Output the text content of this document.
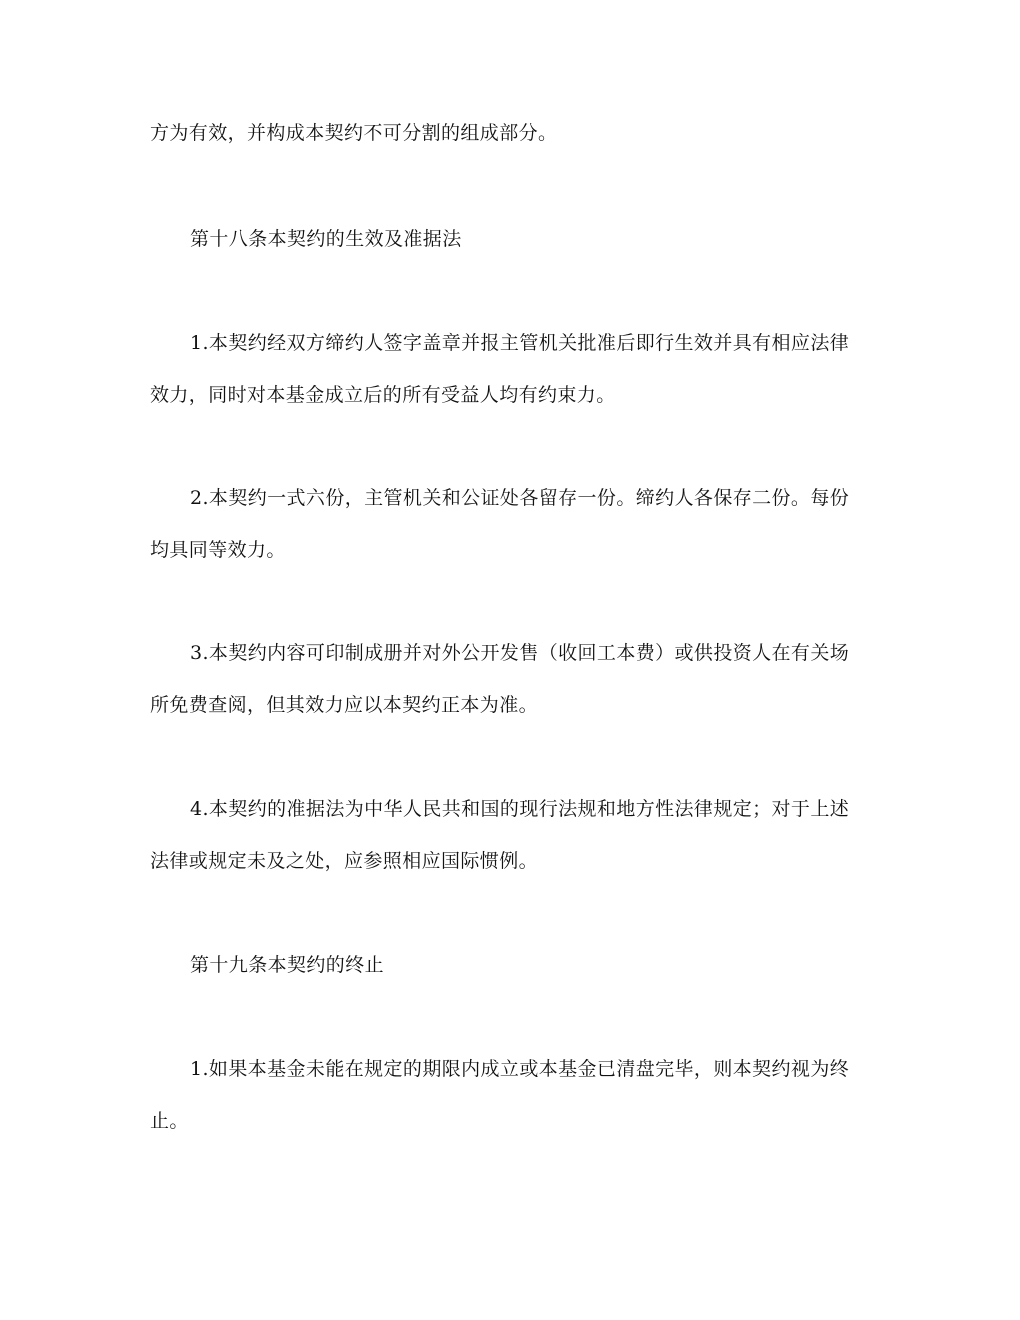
方为有效，并构成本契约不可分割的组成部分。
第十八条本契约的生效及准据法
1.本契约经双方缔约人签字盖章并报主管机关批准后即行生效并具有相应法律
效力，同时对本基金成立后的所有受益人均有约束力。
2.本契约一式六份，主管机关和公证处各留存一份。缔约人各保存二份。每份
均具同等效力。
3.本契约内容可印制成册并对外公开发售（收回工本费）或供投资人在有关场
所免费查阅，但其效力应以本契约正本为准。
4.本契约的准据法为中华人民共和国的现行法规和地方性法律规定；对于上述
法律或规定未及之处，应参照相应国际惯例。
第十九条本契约的终止
1.如果本基金未能在规定的期限内成立或本基金已清盘完毕，则本契约视为终
止。
